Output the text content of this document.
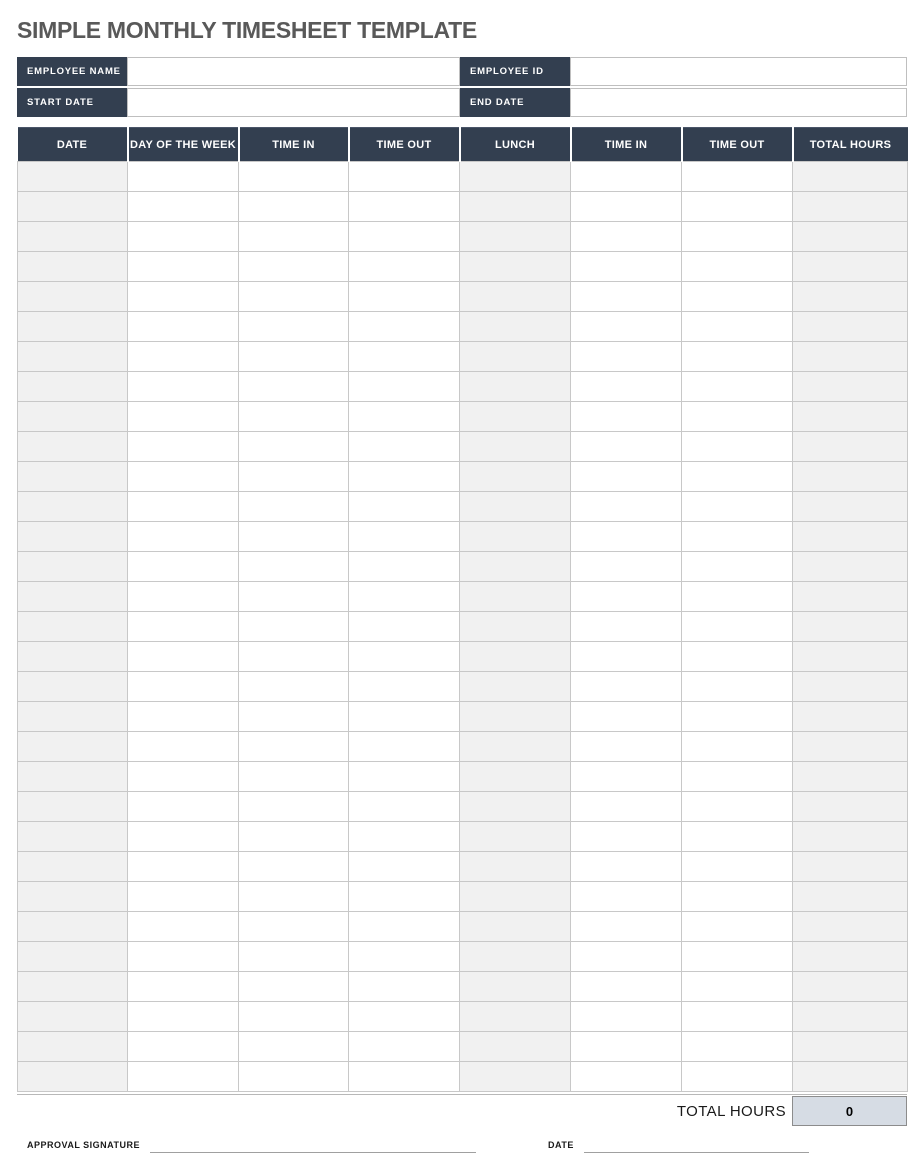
SIMPLE MONTHLY TIMESHEET TEMPLATE
EMPLOYEE NAME	EMPLOYEE ID
START DATE	END DATE
DATE	DAY OF THE WEEK	TIME IN	TIME OUT	LUNCH	TIME IN	TIME OUT	TOTAL HOURS

TOTAL HOURS	0
APPROVAL SIGNATURE	DATE
